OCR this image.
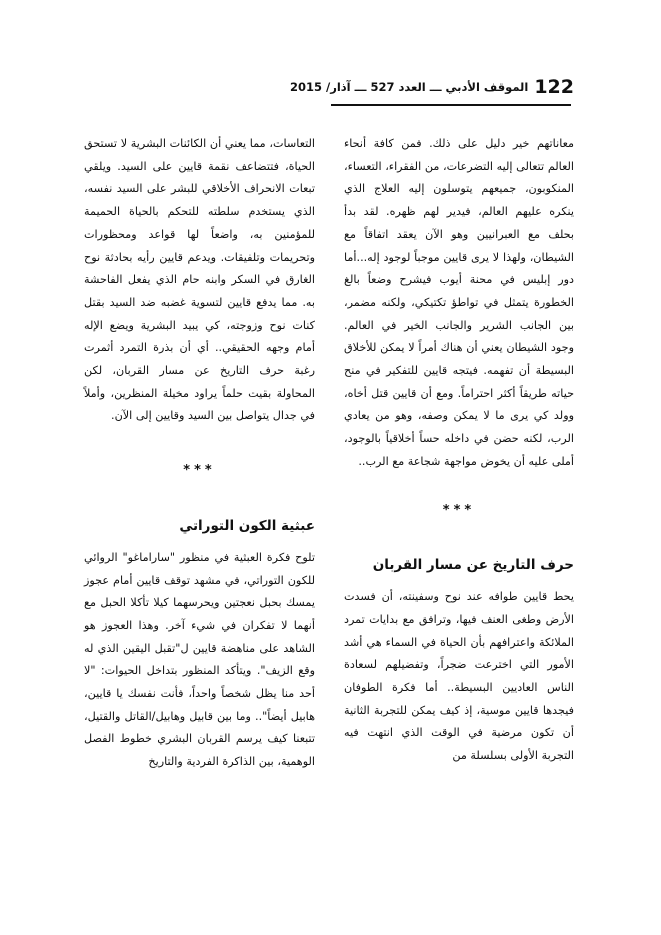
122
الموقف الأدبي ـــ العدد 527 ـــ آذار/ 2015

معاناتهم خير دليل على ذلك. فمن كافة أنحاء العالم تتعالى إليه التضرعات، من الفقراء، التعساء، المنكوبون، جميعهم يتوسلون إليه العلاج الذي ينكره عليهم العالم، فيدير لهم ظهره. لقد بدأ بحلف مع العبرانيين وهو الآن يعقد اتفاقاً مع الشيطان، ولهذا لا يرى قايين موجباً لوجود إله...أما دور إبليس في محنة أيوب فيشرح وضعاً بالغ الخطورة يتمثل في تواطؤ تكتيكي، ولكنه مضمر، بين الجانب الشرير والجانب الخير في العالم. وجود الشيطان يعني أن هناك أمراً لا يمكن للأخلاق البسيطة أن تفهمه. فيتجه قايين للتفكير في منح حياته طريقاً أكثر احتراماً. ومع أن قايين قتل أخاه، وولد كي يرى ما لا يمكن وصفه، وهو من يعادي الرب، لكنه حضن في داخله حساً أخلاقياً بالوجود، أملى عليه أن يخوض مواجهة شجاعة مع الرب..

***
حرف التاريخ عن مسار القربان

يحط قايين طوافه عند نوح وسفينته، أن فسدت الأرض وطغى العنف فيها، وترافق مع بدايات تمرد الملائكة واعترافهم بأن الحياة في السماء هي أشد الأمور التي اخترعت ضجراً، وتفضيلهم لسعادة الناس العاديين البسيطة.. أما فكرة الطوفان فيجدها قايين موسية، إذ كيف يمكن للتجربة الثانية أن تكون مرضية في الوقت الذي انتهت فيه التجربة الأولى بسلسلة من

التعاسات، مما يعني أن الكائنات البشرية لا تستحق الحياة، فتتضاعف نقمة قايين على السيد. ويلقي تبعات الانحراف الأخلاقي للبشر على السيد نفسه، الذي يستخدم سلطته للتحكم بالحياة الحميمة للمؤمنين به، واضعاً لها قواعد ومحظورات وتحريمات وتلفيقات. ويدعم قايين رأيه بحادثة نوح الغارق في السكر وابنه حام الذي يفعل الفاحشة به. مما يدفع قايين لتسوية غضبه ضد السيد بقتل كنات نوح وزوجته، كي يبيد البشرية ويضع الإله أمام وجهه الحقيقي.. أي أن بذرة التمرد أثمرت رغبة حرف التاريخ عن مسار القربان، لكن المحاولة بقيت حلماً يراود مخيلة المنظرين، وأملاً في جدال يتواصل بين السيد وقايين إلى الآن.

***
عبثية الكون التوراتي

تلوح فكرة العبثية في منظور "ساراماغو" الروائي للكون التوراتي، في مشهد توقف قايين أمام عجوز يمسك بحبل نعجتين ويحرسهما كيلا تأكلا الحبل مع أنهما لا تفكران في شيء آخر. وهذا العجوز هو الشاهد على مناهضة قايين ل"تقبل اليقين الذي له وقع الزيف". ويتأكد المنظور بتداخل الحيوات: "لا أحد منا يظل شخصاً واحداً، فأنت نفسك يا قايين، هابيل أيضاً".. وما بين قابيل وهابيل/القاتل والقتيل، تتبعنا كيف يرسم القربان البشري خطوط الفصل الوهمية، بين الذاكرة الفردية والتاريخ
